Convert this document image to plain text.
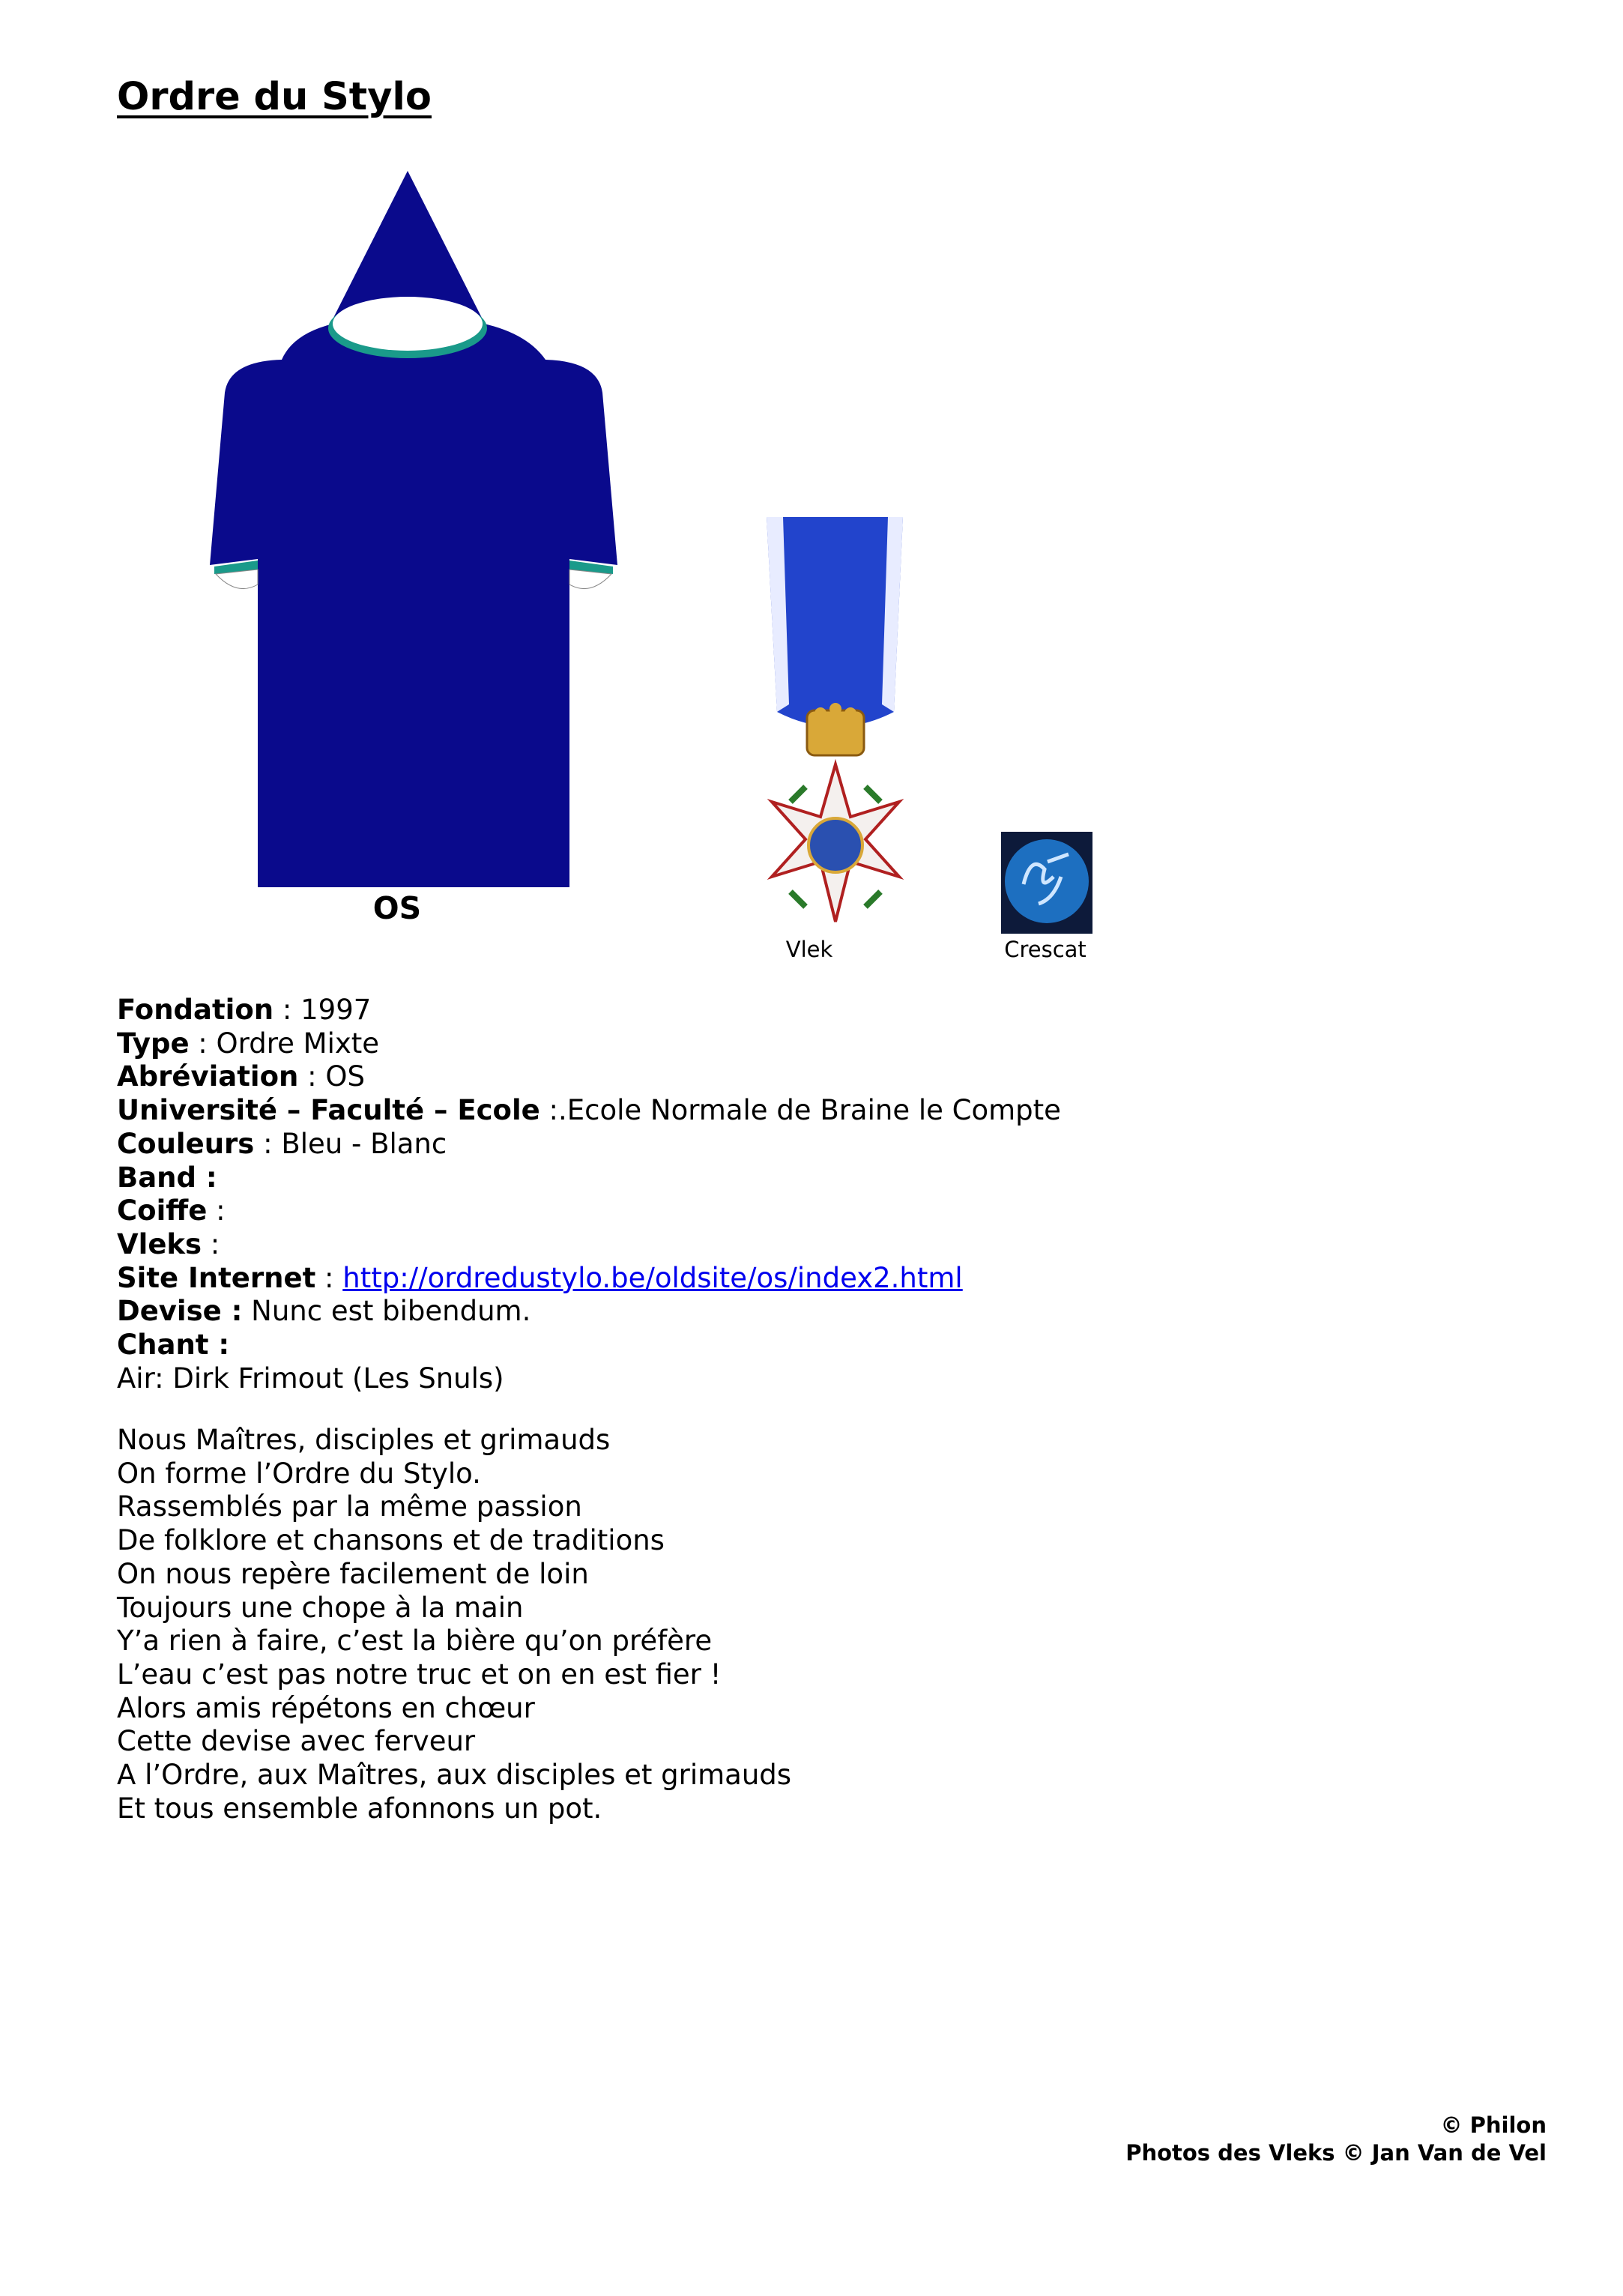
Ordre du Stylo
OS
Vlek	Crescat
Fondation : 1997
Type : Ordre Mixte
Abréviation : OS
Université – Faculté – Ecole :.Ecole Normale de Braine le Compte
Couleurs : Bleu - Blanc
Band :
Coiffe :
Vleks :
Site Internet : http://ordredustylo.be/oldsite/os/index2.html
Devise : Nunc est bibendum.
Chant :
Air: Dirk Frimout (Les Snuls)
Nous Maîtres, disciples et grimauds
On forme l’Ordre du Stylo.
Rassemblés par la même passion
De folklore et chansons et de traditions
On nous repère facilement de loin
Toujours une chope à la main
Y’a rien à faire, c’est la bière qu’on préfère
L’eau c’est pas notre truc et on en est fier !
Alors amis répétons en chœur
Cette devise avec ferveur
A l’Ordre, aux Maîtres, aux disciples et grimauds
Et tous ensemble afonnons un pot.
© Philon
Photos des Vleks © Jan Van de Vel
